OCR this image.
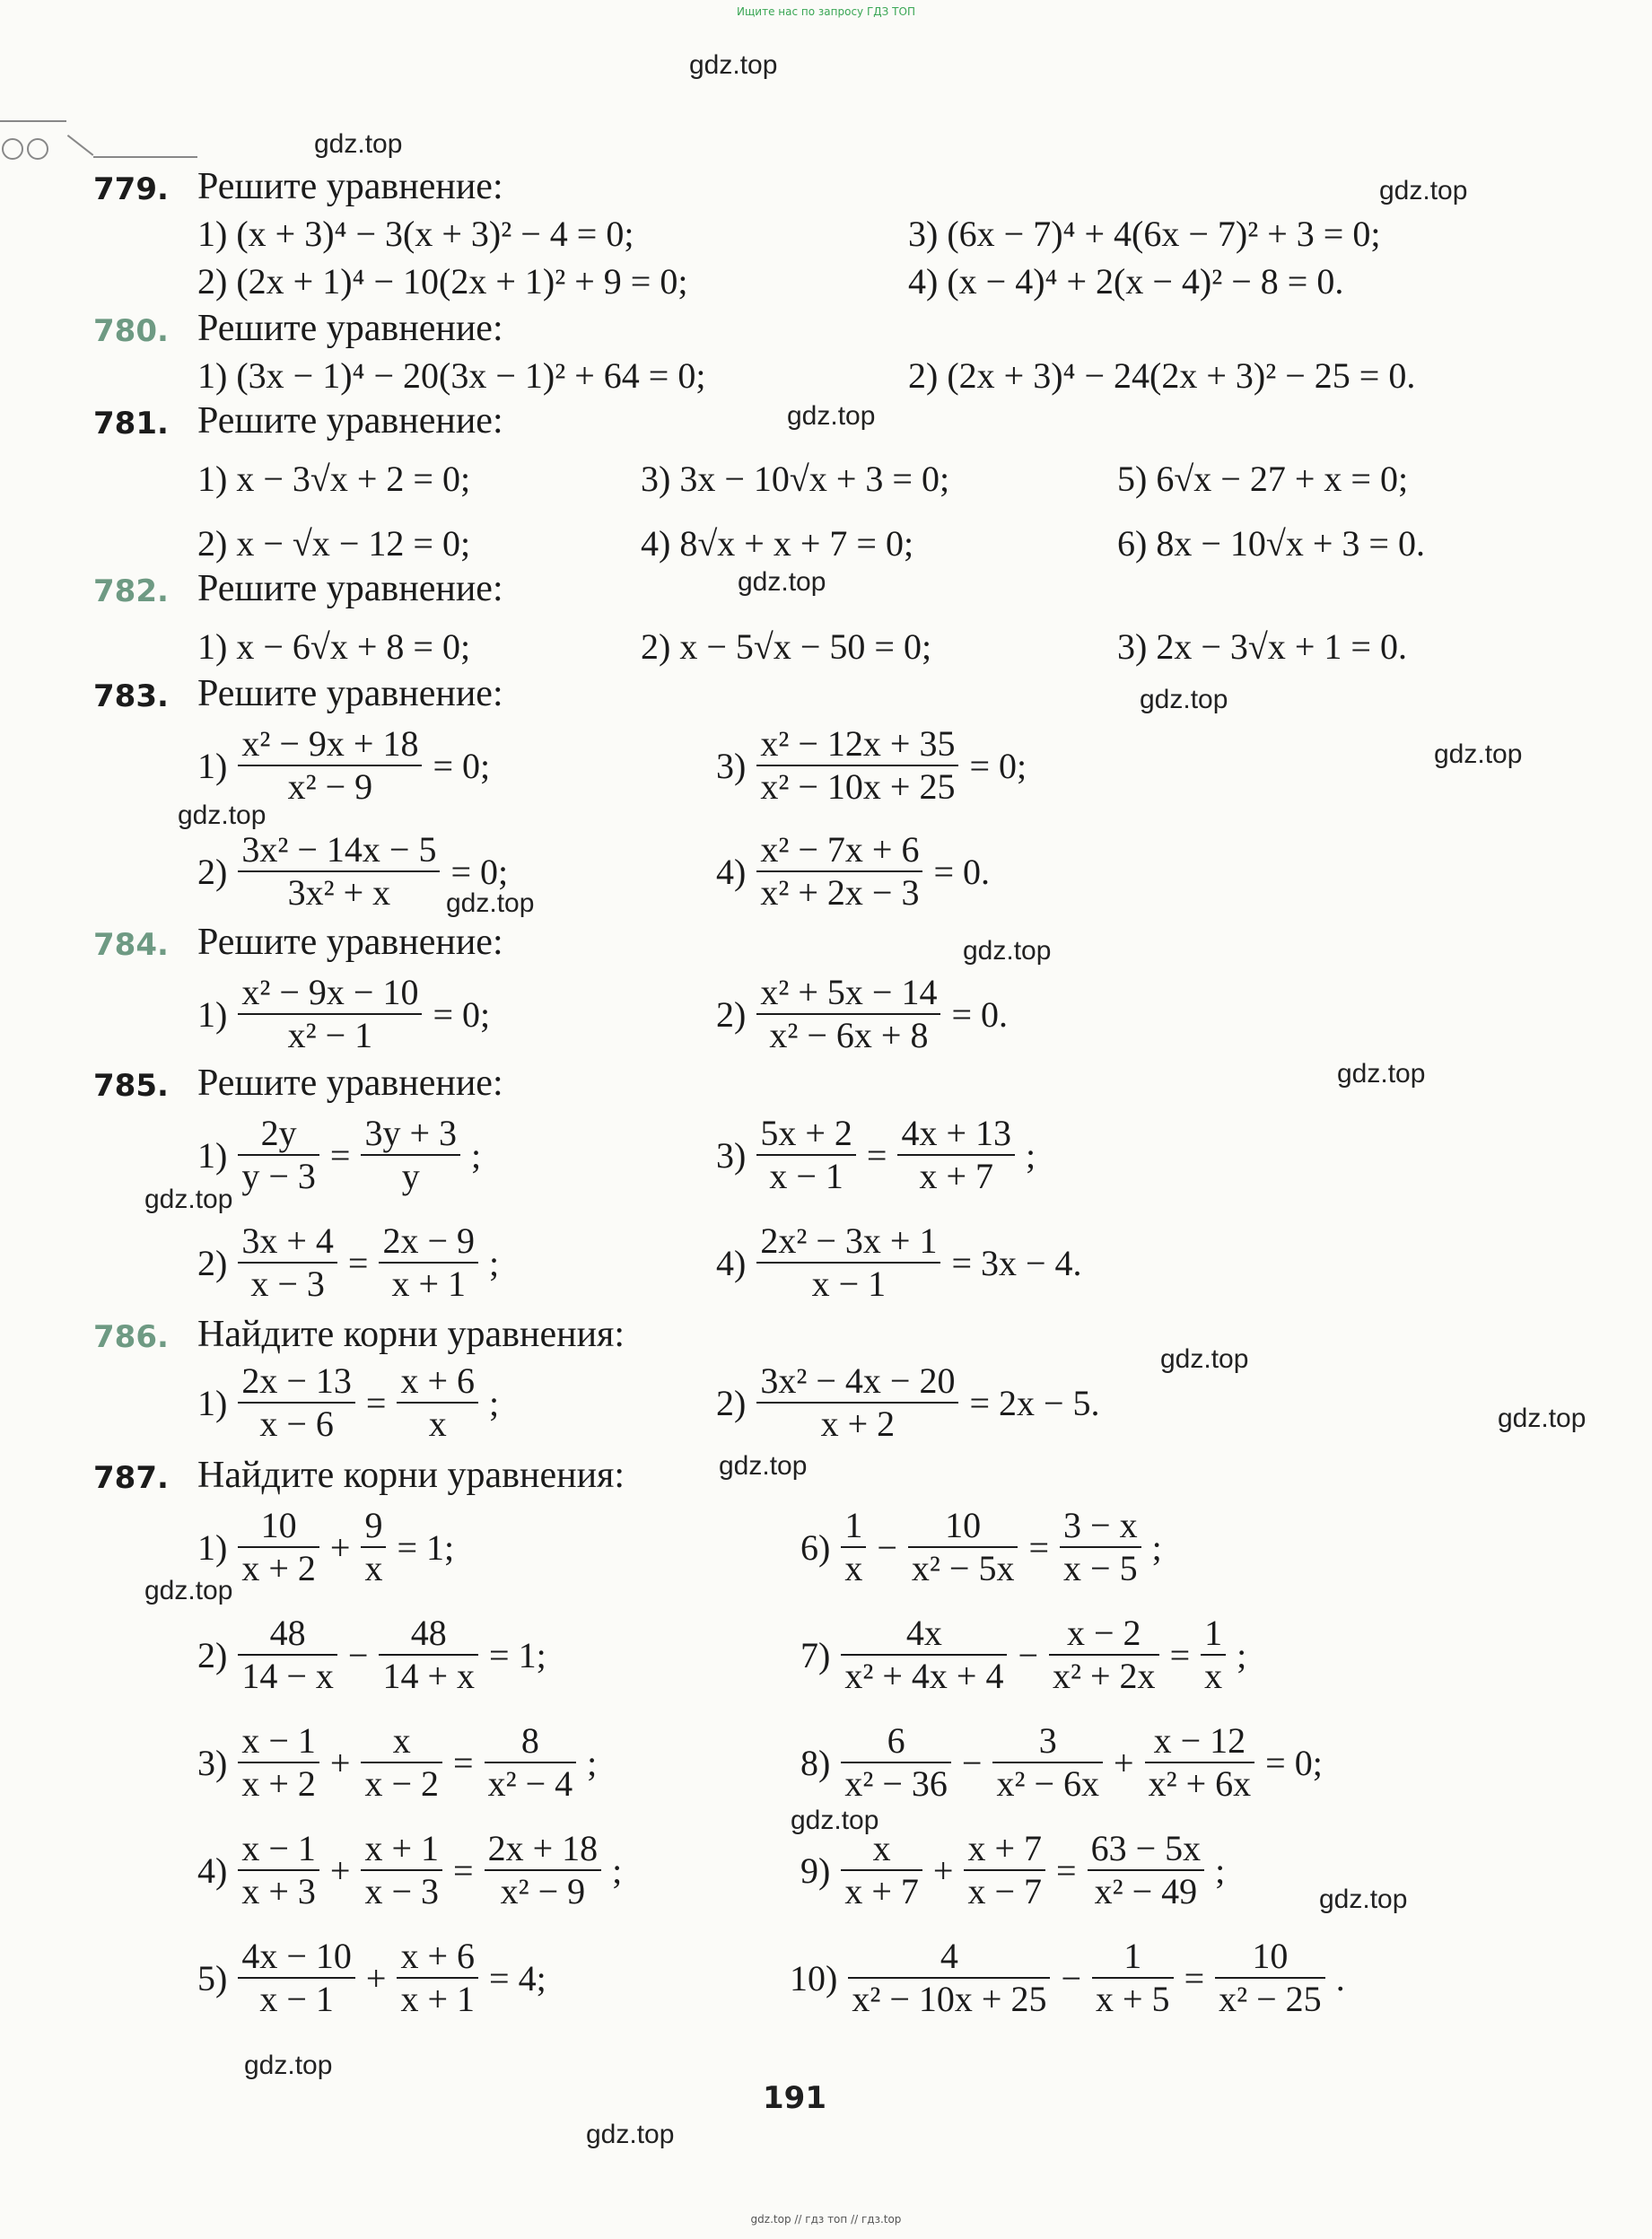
Ищите нас по запросу ГДЗ ТОП
gdz.top // гдз топ // гдз.top
gdz.top
gdz.top
gdz.top
gdz.top
gdz.top
gdz.top
gdz.top
gdz.top
gdz.top
gdz.top
gdz.top
gdz.top
gdz.top
gdz.top
gdz.top
gdz.top
gdz.top
gdz.top
gdz.top
gdz.top
779. Решите уравнение:
780. Решите уравнение:
781. Решите уравнение:
782. Решите уравнение:
783. Решите уравнение:
784. Решите уравнение:
785. Решите уравнение:
786. Найдите корни уравнения:
787. Найдите корни уравнения:
1) (x + 3)⁴ − 3(x + 3)² − 4 = 0;	3) (6x − 7)⁴ + 4(6x − 7)² + 3 = 0;
2) (2x + 1)⁴ − 10(2x + 1)² + 9 = 0;	4) (x − 4)⁴ + 2(x − 4)² − 8 = 0.
1) (3x − 1)⁴ − 20(3x − 1)² + 64 = 0;	2) (2x + 3)⁴ − 24(2x + 3)² − 25 = 0.
1) x − 3√x + 2 = 0;	3) 3x − 10√x + 3 = 0;	5) 6√x − 27 + x = 0;
2) x − √x − 12 = 0;	4) 8√x + x + 7 = 0;	6) 8x − 10√x + 3 = 0.
1) x − 6√x + 8 = 0;	2) x − 5√x − 50 = 0;	3) 2x − 3√x + 1 = 0.
$1) \frac{\text{x² − 9x + 18}}{\text{x² − 9}} = 0$;	$3) \frac{\text{x² − 12x + 35}}{\text{x² − 10x + 25}} = 0$;
$2) \frac{\text{3x² − 14x − 5}}{\text{3x² + x}} = 0$;	$4) \frac{\text{x² − 7x + 6}}{\text{x² + 2x − 3}} = 0$.
$1) \frac{\text{x² − 9x − 10}}{\text{x² − 1}} = 0$;	$2) \frac{\text{x² + 5x − 14}}{\text{x² − 6x + 8}} = 0$.
$1) \frac{2y}{y - 3} = \frac{3y + 3}{y}$ ;	$3) \frac{5x + 2}{x - 1} = \frac{4x + 13}{x + 7}$ ;
$2) \frac{3x + 4}{x - 3} = \frac{2x - 9}{x + 1}$ ;	$4) \frac{\text{2x² − 3x + 1}}{x - 1} = 3x - 4$.
$1) \frac{2x - 13}{x - 6} = \frac{x + 6}{x}$ ;	$2) \frac{\text{3x² − 4x − 20}}{x + 2} = 2x - 5$.
$1) \frac{10}{x + 2} + \frac{9}{x} = 1$;	$6) \frac{1}{x} - \frac{10}{\text{x² − 5x}} = \frac{3 - x}{x - 5}$ ;
$2) \frac{48}{14 - x} - \frac{48}{14 + x} = 1$;	$7) \frac{4x}{\text{x² + 4x + 4}} - \frac{x - 2}{\text{x² + 2x}} = \frac{1}{x}$ ;
$3) \frac{x - 1}{x + 2} + \frac{x}{x - 2} = \frac{8}{\text{x² − 4}}$ ;	$8) \frac{6}{\text{x² − 36}} - \frac{3}{\text{x² − 6x}} + \frac{x - 12}{\text{x² + 6x}} = 0$;
$4) \frac{x - 1}{x + 3} + \frac{x + 1}{x - 3} = \frac{2x + 18}{\text{x² − 9}}$ ;	$9) \frac{x}{x + 7} + \frac{x + 7}{x - 7} = \frac{63 - 5x}{\text{x² − 49}}$ ;
$5) \frac{4x - 10}{x - 1} + \frac{x + 6}{x + 1} = 4$;	$10) \frac{4}{\text{x² − 10x + 25}} - \frac{1}{x + 5} = \frac{10}{\text{x² − 25}}$ .
191
